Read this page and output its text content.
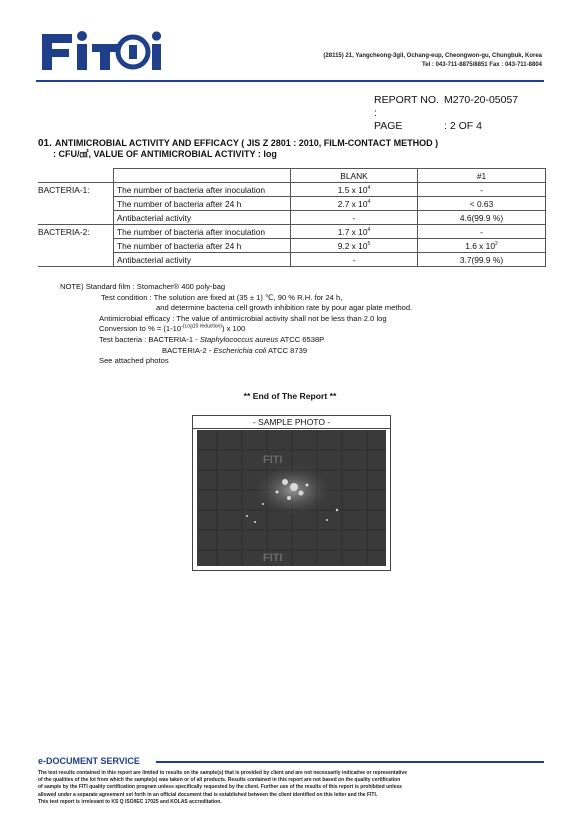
(28115) 21, Yangcheong-3gil, Ochang-eup, Cheongwon-gu, Chungbuk, Korea
Tel : 043-711-8875/8851 Fax : 043-711-8804
REPORT NO. :
M270-20-05057
PAGE	: 2 OF 4
01. ANTIMICROBIAL ACTIVITY AND EFFICACY ( JIS Z 2801 : 2010, FILM-CONTACT METHOD )
: CFU/㎠, VALUE OF ANTIMICROBIAL ACTIVITY : log
		BLANK	#1
BACTERIA-1:	The number of bacteria after inoculation	1.5 x $10^4$	-
	The number of bacteria after 24 h	2.7 x $10^4$	< 0.63
	Antibacterial activity	-	4.6(99.9 %)
BACTERIA-2:	The number of bacteria after inoculation	1.7 x $10^4$	-
	The number of bacteria after 24 h	9.2 x $10^5$	1.6 x $10^2$
	Antibacterial activity	-	3.7(99.9 %)
NOTE) Standard film : Stomacher® 400 poly-bag
Test condition : The solution are fixed at (35 ± 1) ℃, 90 % R.H. for 24 h,
and determine bacteria cell growth inhibition rate by pour agar plate method.
Antimicrobial efficacy : The value of antimicrobial activity shall not be less than 2.0 log
Conversion to % = $(1-10^{-(Log10 reduction)})$ x 100
Test bacteria : BACTERIA-1 - Staphylococcus aureus ATCC 6538P
BACTERIA-2 - Escherichia coli ATCC 8739
See attached photos
** End of The Report **
- SAMPLE PHOTO -
FITI
FITI
e-DOCUMENT SERVICE
The test results contained in this report are limited to results on the sample(s) that is provided by client and are not necessarily indicative or representative
of the qualities of the lot from which the sample(s) was taken or of all products. Results contained in this report are not based on the quality certification
of sample by the FITI quality certification program unless specifically requested by the client. Further use of the results of this report is prohibited unless
allowed under a separate agreement set forth in an official document that is established between the client identified on this letter and the FITI.
This test report is irrelevant to KS Q ISO/IEC 17025 and KOLAS accreditation.
